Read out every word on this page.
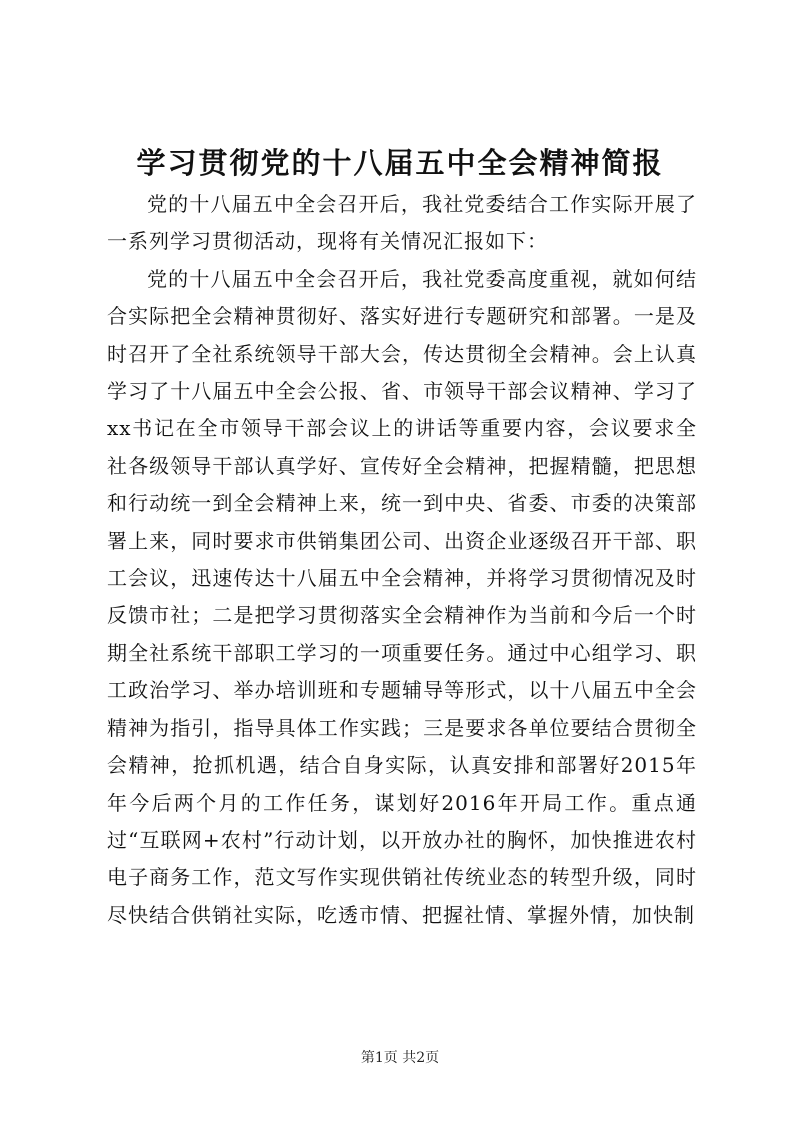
学习贯彻党的十八届五中全会精神简报

党的十八届五中全会召开后，我社党委结合工作实际开展了一系列学习贯彻活动，现将有关情况汇报如下：

党的十八届五中全会召开后，我社党委高度重视，就如何结合实际把全会精神贯彻好、落实好进行专题研究和部署。一是及时召开了全社系统领导干部大会，传达贯彻全会精神。会上认真学习了十八届五中全会公报、省、市领导干部会议精神、学习了xx书记在全市领导干部会议上的讲话等重要内容，会议要求全社各级领导干部认真学好、宣传好全会精神，把握精髓，把思想和行动统一到全会精神上来，统一到中央、省委、市委的决策部署上来，同时要求市供销集团公司、出资企业逐级召开干部、职工会议，迅速传达十八届五中全会精神，并将学习贯彻情况及时反馈市社；二是把学习贯彻落实全会精神作为当前和今后一个时期全社系统干部职工学习的一项重要任务。通过中心组学习、职工政治学习、举办培训班和专题辅导等形式，以十八届五中全会精神为指引，指导具体工作实践；三是要求各单位要结合贯彻全会精神，抢抓机遇，结合自身实际，认真安排和部署好2015年年今后两个月的工作任务，谋划好2016年开局工作。重点通过“互联网+农村”行动计划，以开放办社的胸怀，加快推进农村电子商务工作，范文写作实现供销社传统业态的转型升级，同时尽快结合供销社实际，吃透市情、把握社情、掌握外情，加快制

第1页 共2页
